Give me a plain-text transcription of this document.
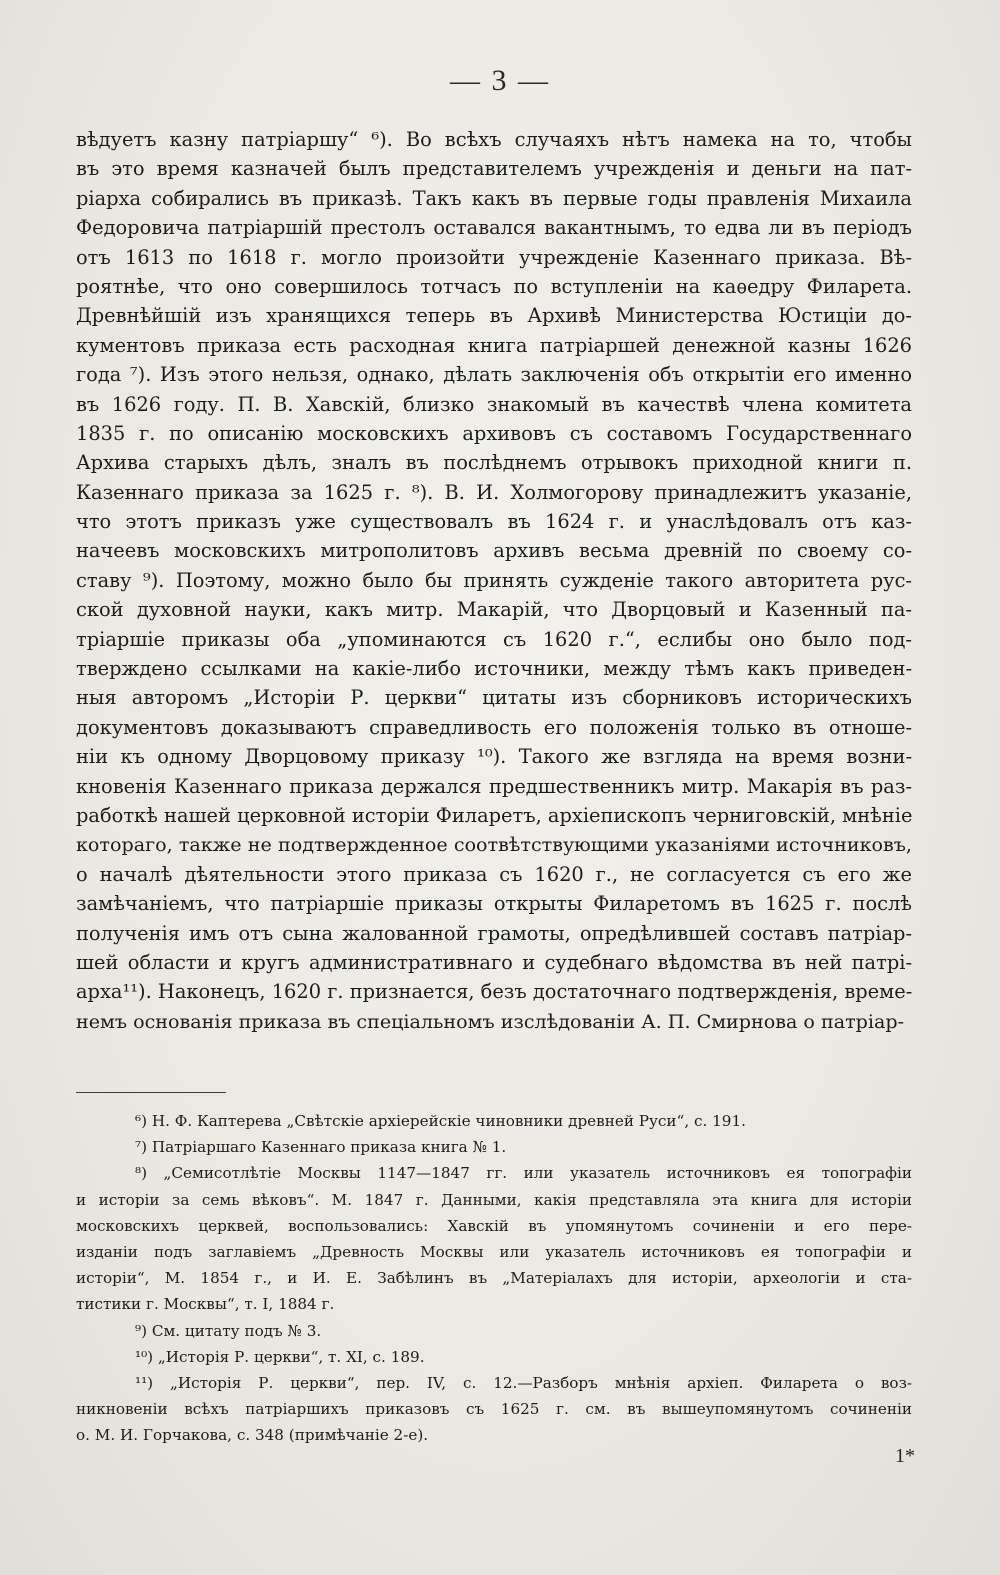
— 3 —
вѣдуетъ казну патріаршу“ ⁶). Во всѣхъ случаяхъ нѣтъ намека на то, чтобы
въ это время казначей былъ представителемъ учрежденія и деньги на пат-
ріарха собирались въ приказѣ. Такъ какъ въ первые годы правленія Михаила
Федоровича патріаршій престолъ оставался вакантнымъ, то едва ли въ періодъ
отъ 1613 по 1618 г. могло произойти учрежденіе Казеннаго приказа. Вѣ-
роятнѣе, что оно совершилось тотчасъ по вступленіи на каѳедру Филарета.
Древнѣйшій изъ хранящихся теперь въ Архивѣ Министерства Юстиціи до-
кументовъ приказа есть расходная книга патріаршей денежной казны 1626
года ⁷). Изъ этого нельзя, однако, дѣлать заключенія объ открытіи его именно
въ 1626 году. П. В. Хавскій, близко знакомый въ качествѣ члена комитета
1835 г. по описанію московскихъ архивовъ съ составомъ Государственнаго
Архива старыхъ дѣлъ, зналъ въ послѣднемъ отрывокъ приходной книги п.
Казеннаго приказа за 1625 г. ⁸). В. И. Холмогорову принадлежитъ указаніе,
что этотъ приказъ уже существовалъ въ 1624 г. и унаслѣдовалъ отъ каз-
начеевъ московскихъ митрополитовъ архивъ весьма древній по своему со-
ставу ⁹). Поэтому, можно было бы принять сужденіе такого авторитета рус-
ской духовной науки, какъ митр. Макарій, что Дворцовый и Казенный па-
тріаршіе приказы оба „упоминаются съ 1620 г.“, еслибы оно было под-
тверждено ссылками на какіе-либо источники, между тѣмъ какъ приведен-
ныя авторомъ „Исторіи Р. церкви“ цитаты изъ сборниковъ историческихъ
документовъ доказываютъ справедливость его положенія только въ отноше-
ніи къ одному Дворцовому приказу ¹⁰). Такого же взгляда на время возни-
кновенія Казеннаго приказа держался предшественникъ митр. Макарія въ раз-
работкѣ нашей церковной исторіи Филаретъ, архіепископъ черниговскій, мнѣніе
котораго, также не подтвержденное соотвѣтствующими указаніями источниковъ,
о началѣ дѣятельности этого приказа съ 1620 г., не согласуется съ его же
замѣчаніемъ, что патріаршіе приказы открыты Филаретомъ въ 1625 г. послѣ
полученія имъ отъ сына жалованной грамоты, опредѣлившей составъ патріар-
шей области и кругъ административнаго и судебнаго вѣдомства въ ней патрі-
арха¹¹). Наконецъ, 1620 г. признается, безъ достаточнаго подтвержденія, време-
немъ основанія приказа въ спеціальномъ изслѣдованіи А. П. Смирнова о патріар-
⁶) Н. Ф. Каптерева „Свѣтскіе архіерейскіе чиновники древней Руси“, с. 191.
⁷) Патріаршаго Казеннаго приказа книга № 1.
⁸) „Семисотлѣтіе Москвы 1147—1847 гг. или указатель источниковъ ея топографіи
и исторіи за семь вѣковъ“. М. 1847 г. Данными, какія представляла эта книга для исторіи
московскихъ церквей, воспользовались: Хавскій въ упомянутомъ сочиненіи и его пере-
изданіи подъ заглавіемъ „Древность Москвы или указатель источниковъ ея топографіи и
исторіи“, М. 1854 г., и И. Е. Забѣлинъ въ „Матеріалахъ для исторіи, археологіи и ста-
тистики г. Москвы“, т. I, 1884 г.
⁹) См. цитату подъ № 3.
¹⁰) „Исторія Р. церкви“, т. XI, с. 189.
¹¹) „Исторія Р. церкви“, пер. IV, с. 12.—Разборъ мнѣнія архіеп. Филарета о воз-
никновеніи всѣхъ патріаршихъ приказовъ съ 1625 г. см. въ вышеупомянутомъ сочиненіи
о. М. И. Горчакова, с. 348 (примѣчаніе 2-е).
1*
